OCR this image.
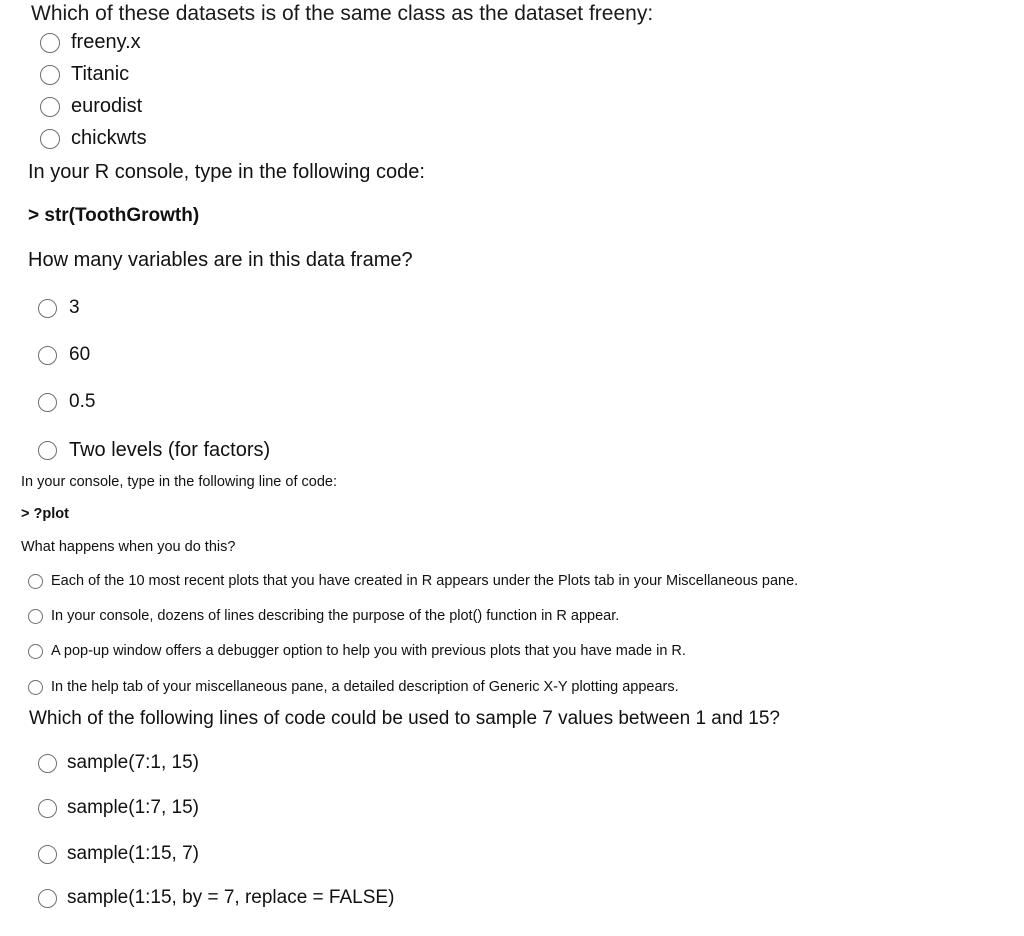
Which of these datasets is of the same class as the dataset freeny:
freeny.x
Titanic
eurodist
chickwts
In your R console, type in the following code:
> str(ToothGrowth)
How many variables are in this data frame?
3
60
0.5
Two levels (for factors)
In your console, type in the following line of code:
> ?plot
What happens when you do this?
Each of the 10 most recent plots that you have created in R appears under the Plots tab in your Miscellaneous pane.
In your console, dozens of lines describing the purpose of the plot() function in R appear.
A pop-up window offers a debugger option to help you with previous plots that you have made in R.
In the help tab of your miscellaneous pane, a detailed description of Generic X-Y plotting appears.
Which of the following lines of code could be used to sample 7 values between 1 and 15?
sample(7:1, 15)
sample(1:7, 15)
sample(1:15, 7)
sample(1:15, by = 7, replace = FALSE)
